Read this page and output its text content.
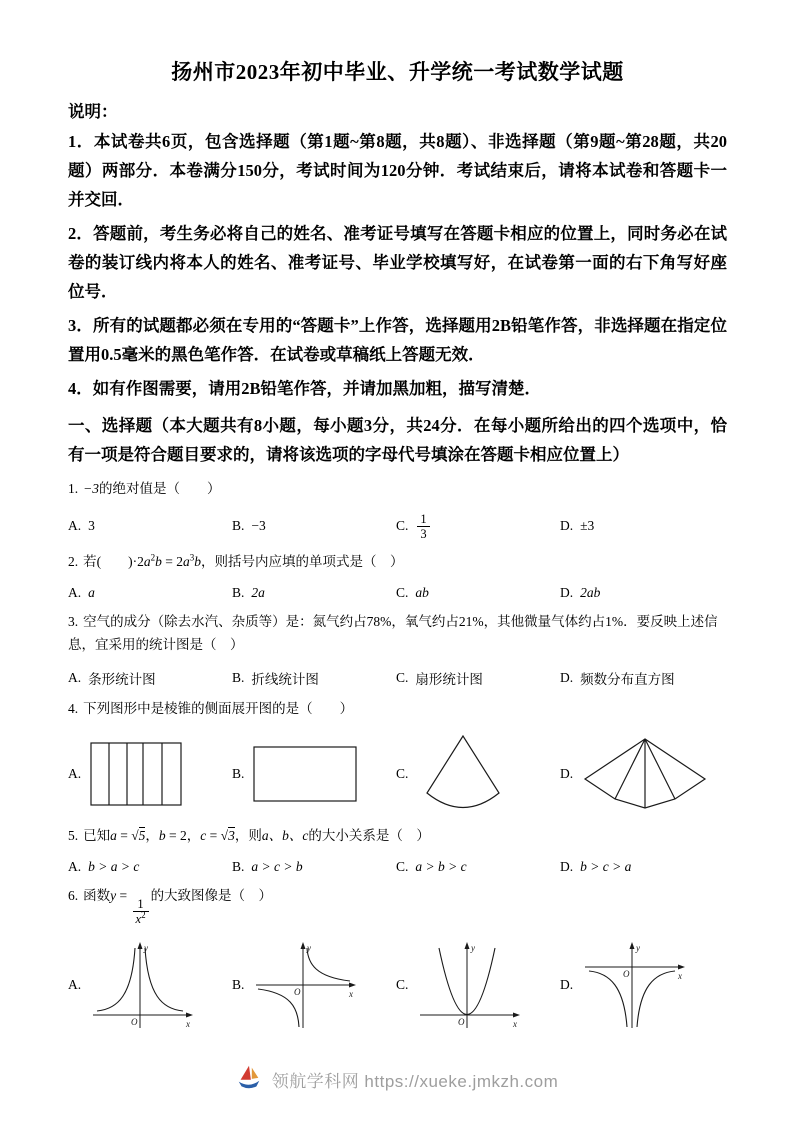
扬州市2023年初中毕业、升学统一考试数学试题

说明：

1．本试卷共6页，包含选择题（第1题~第8题，共8题）、非选择题（第9题~第28题，共20题）两部分．本卷满分150分，考试时间为120分钟．考试结束后，请将本试卷和答题卡一并交回．

2．答题前，考生务必将自己的姓名、准考证号填写在答题卡相应的位置上，同时务必在试卷的装订线内将本人的姓名、准考证号、毕业学校填写好，在试卷第一面的右下角写好座位号．

3．所有的试题都必须在专用的“答题卡”上作答，选择题用2B铅笔作答，非选择题在指定位置用0.5毫米的黑色笔作答．在试卷或草稿纸上答题无效．

4．如有作图需要，请用2B铅笔作答，并请加黑加粗，描写清楚．

一、选择题（本大题共有8小题，每小题3分，共24分．在每小题所给出的四个选项中，恰有一项是符合题目要求的，请将该选项的字母代号填涂在答题卡相应位置上）

1. −3的绝对值是（　　）

A. 3	B. −3	C. $\frac{1}{3}$	D. ±3

2. 若(　　)$\cdot 2a^2b = 2a^3b$，则括号内应填的单项式是（　）

A. a	B. 2a	C. ab	D. 2ab

3. 空气的成分（除去水汽、杂质等）是：氮气约占78%，氧气约占21%，其他微量气体约占1%．要反映上述信息，宜采用的统计图是（　）

A. 条形统计图	B. 折线统计图	C. 扇形统计图	D. 频数分布直方图

4. 下列图形中是棱锥的侧面展开图的是（　　）

A.	B.	C.	D.

5. 已知a = √5，b = 2，c = √3，则a、b、c的大小关系是（　）

A. b > a > c	B. a > c > b	C. a > b > c	D. b > c > a

6. 函数y =
$\frac{1}{x^2}$
的大致图像是（　）

A.
y
x
O
B.
y
x
O	C.
y
x
O
D.
y
x
O
领航学科网 https://xueke.jmkzh.com
